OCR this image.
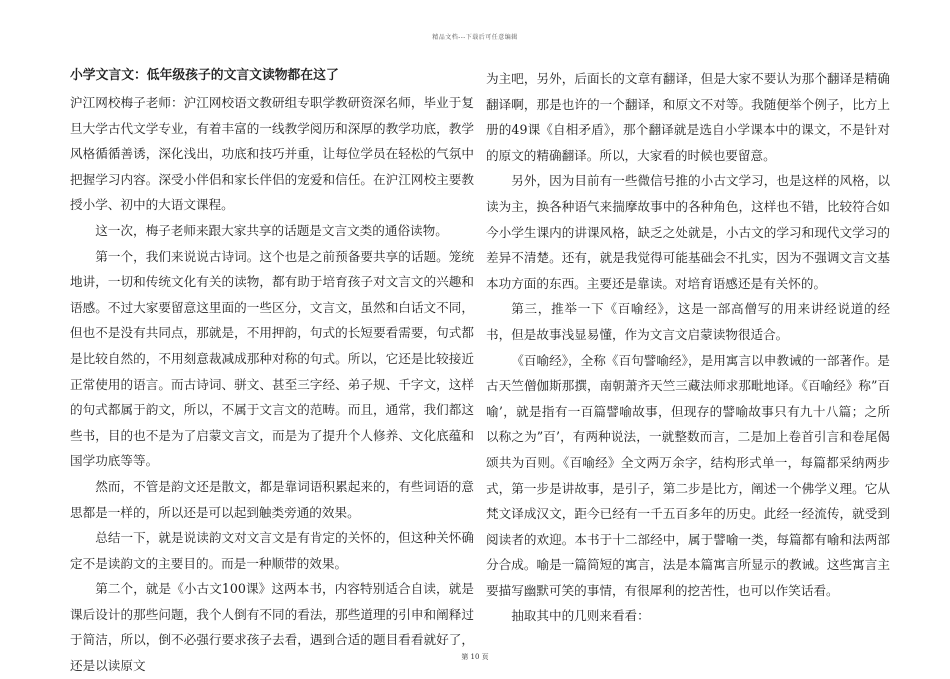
精品文档---下载后可任意编辑
小学文言文：低年级孩子的文言文读物都在这了

沪江网校梅子老师：沪江网校语文教研组专职学教研资深名师，毕业于复旦大学古代文学专业，有着丰富的一线教学阅历和深厚的教学功底，教学风格循循善诱，深化浅出，功底和技巧并重，让每位学员在轻松的气氛中把握学习内容。深受小伴侣和家长伴侣的宠爱和信任。在沪江网校主要教授小学、初中的大语文课程。

这一次，梅子老师来跟大家共享的话题是文言文类的通俗读物。

第一个，我们来说说古诗词。这个也是之前预备要共享的话题。笼统地讲，一切和传统文化有关的读物，都有助于培育孩子对文言文的兴趣和语感。不过大家要留意这里面的一些区分，文言文，虽然和白话文不同，但也不是没有共同点，那就是，不用押韵，句式的长短要看需要，句式都是比较自然的，不用刻意裁减成那种对称的句式。所以，它还是比较接近正常使用的语言。而古诗词、骈文、甚至三字经、弟子规、千字文，这样的句式都属于韵文，所以，不属于文言文的范畴。而且，通常，我们都这些书，目的也不是为了启蒙文言文，而是为了提升个人修养、文化底蕴和国学功底等等。

然而，不管是韵文还是散文，都是靠词语积累起来的，有些词语的意思都是一样的，所以还是可以起到触类旁通的效果。

总结一下，就是说读韵文对文言文是有肯定的关怀的，但这种关怀确定不是读韵文的主要目的。而是一种顺带的效果。

第二个，就是《小古文100课》这两本书，内容特别适合自读，就是课后设计的那些问题，我个人倒有不同的看法，那些道理的引申和阐释过于简洁，所以，倒不必强行要求孩子去看，遇到合适的题目看看就好了，还是以读原文

为主吧，另外，后面长的文章有翻译，但是大家不要认为那个翻译是精确翻译啊，那是也许的一个翻译，和原文不对等。我随便举个例子，比方上册的49课《自相矛盾》，那个翻译就是选自小学课本中的课文，不是针对的原文的精确翻译。所以，大家看的时候也要留意。

另外，因为目前有一些微信号推的小古文学习，也是这样的风格，以读为主，换各种语气来揣摩故事中的各种角色，这样也不错，比较符合如今小学生课内的讲课风格，缺乏之处就是，小古文的学习和现代文学习的差异不清楚。还有，就是我觉得可能基础会不扎实，因为不强调文言文基本功方面的东西。主要还是靠读。对培育语感还是有关怀的。

第三，推举一下《百喻经》，这是一部高僧写的用来讲经说道的经书，但是故事浅显易懂，作为文言文启蒙读物很适合。

《百喻经》，全称《百句譬喻经》，是用寓言以申教诫的一部著作。是古天竺僧伽斯那撰，南朝萧齐天竺三藏法师求那毗地译。《百喻经》称”百喻’，就是指有一百篇譬喻故事，但现存的譬喻故事只有九十八篇；之所以称之为”百’，有两种说法，一就整数而言，二是加上卷首引言和卷尾偈颂共为百则。《百喻经》全文两万余字，结构形式单一，每篇都采纳两步式，第一步是讲故事，是引子，第二步是比方，阐述一个佛学义理。它从梵文译成汉文，距今已经有一千五百多年的历史。此经一经流传，就受到阅读者的欢迎。本书于十二部经中，属于譬喻一类，每篇都有喻和法两部分合成。喻是一篇简短的寓言，法是本篇寓言所显示的教诫。这些寓言主要描写幽默可笑的事情，有很犀利的挖苦性，也可以作笑话看。

抽取其中的几则来看看：

第 10 页
